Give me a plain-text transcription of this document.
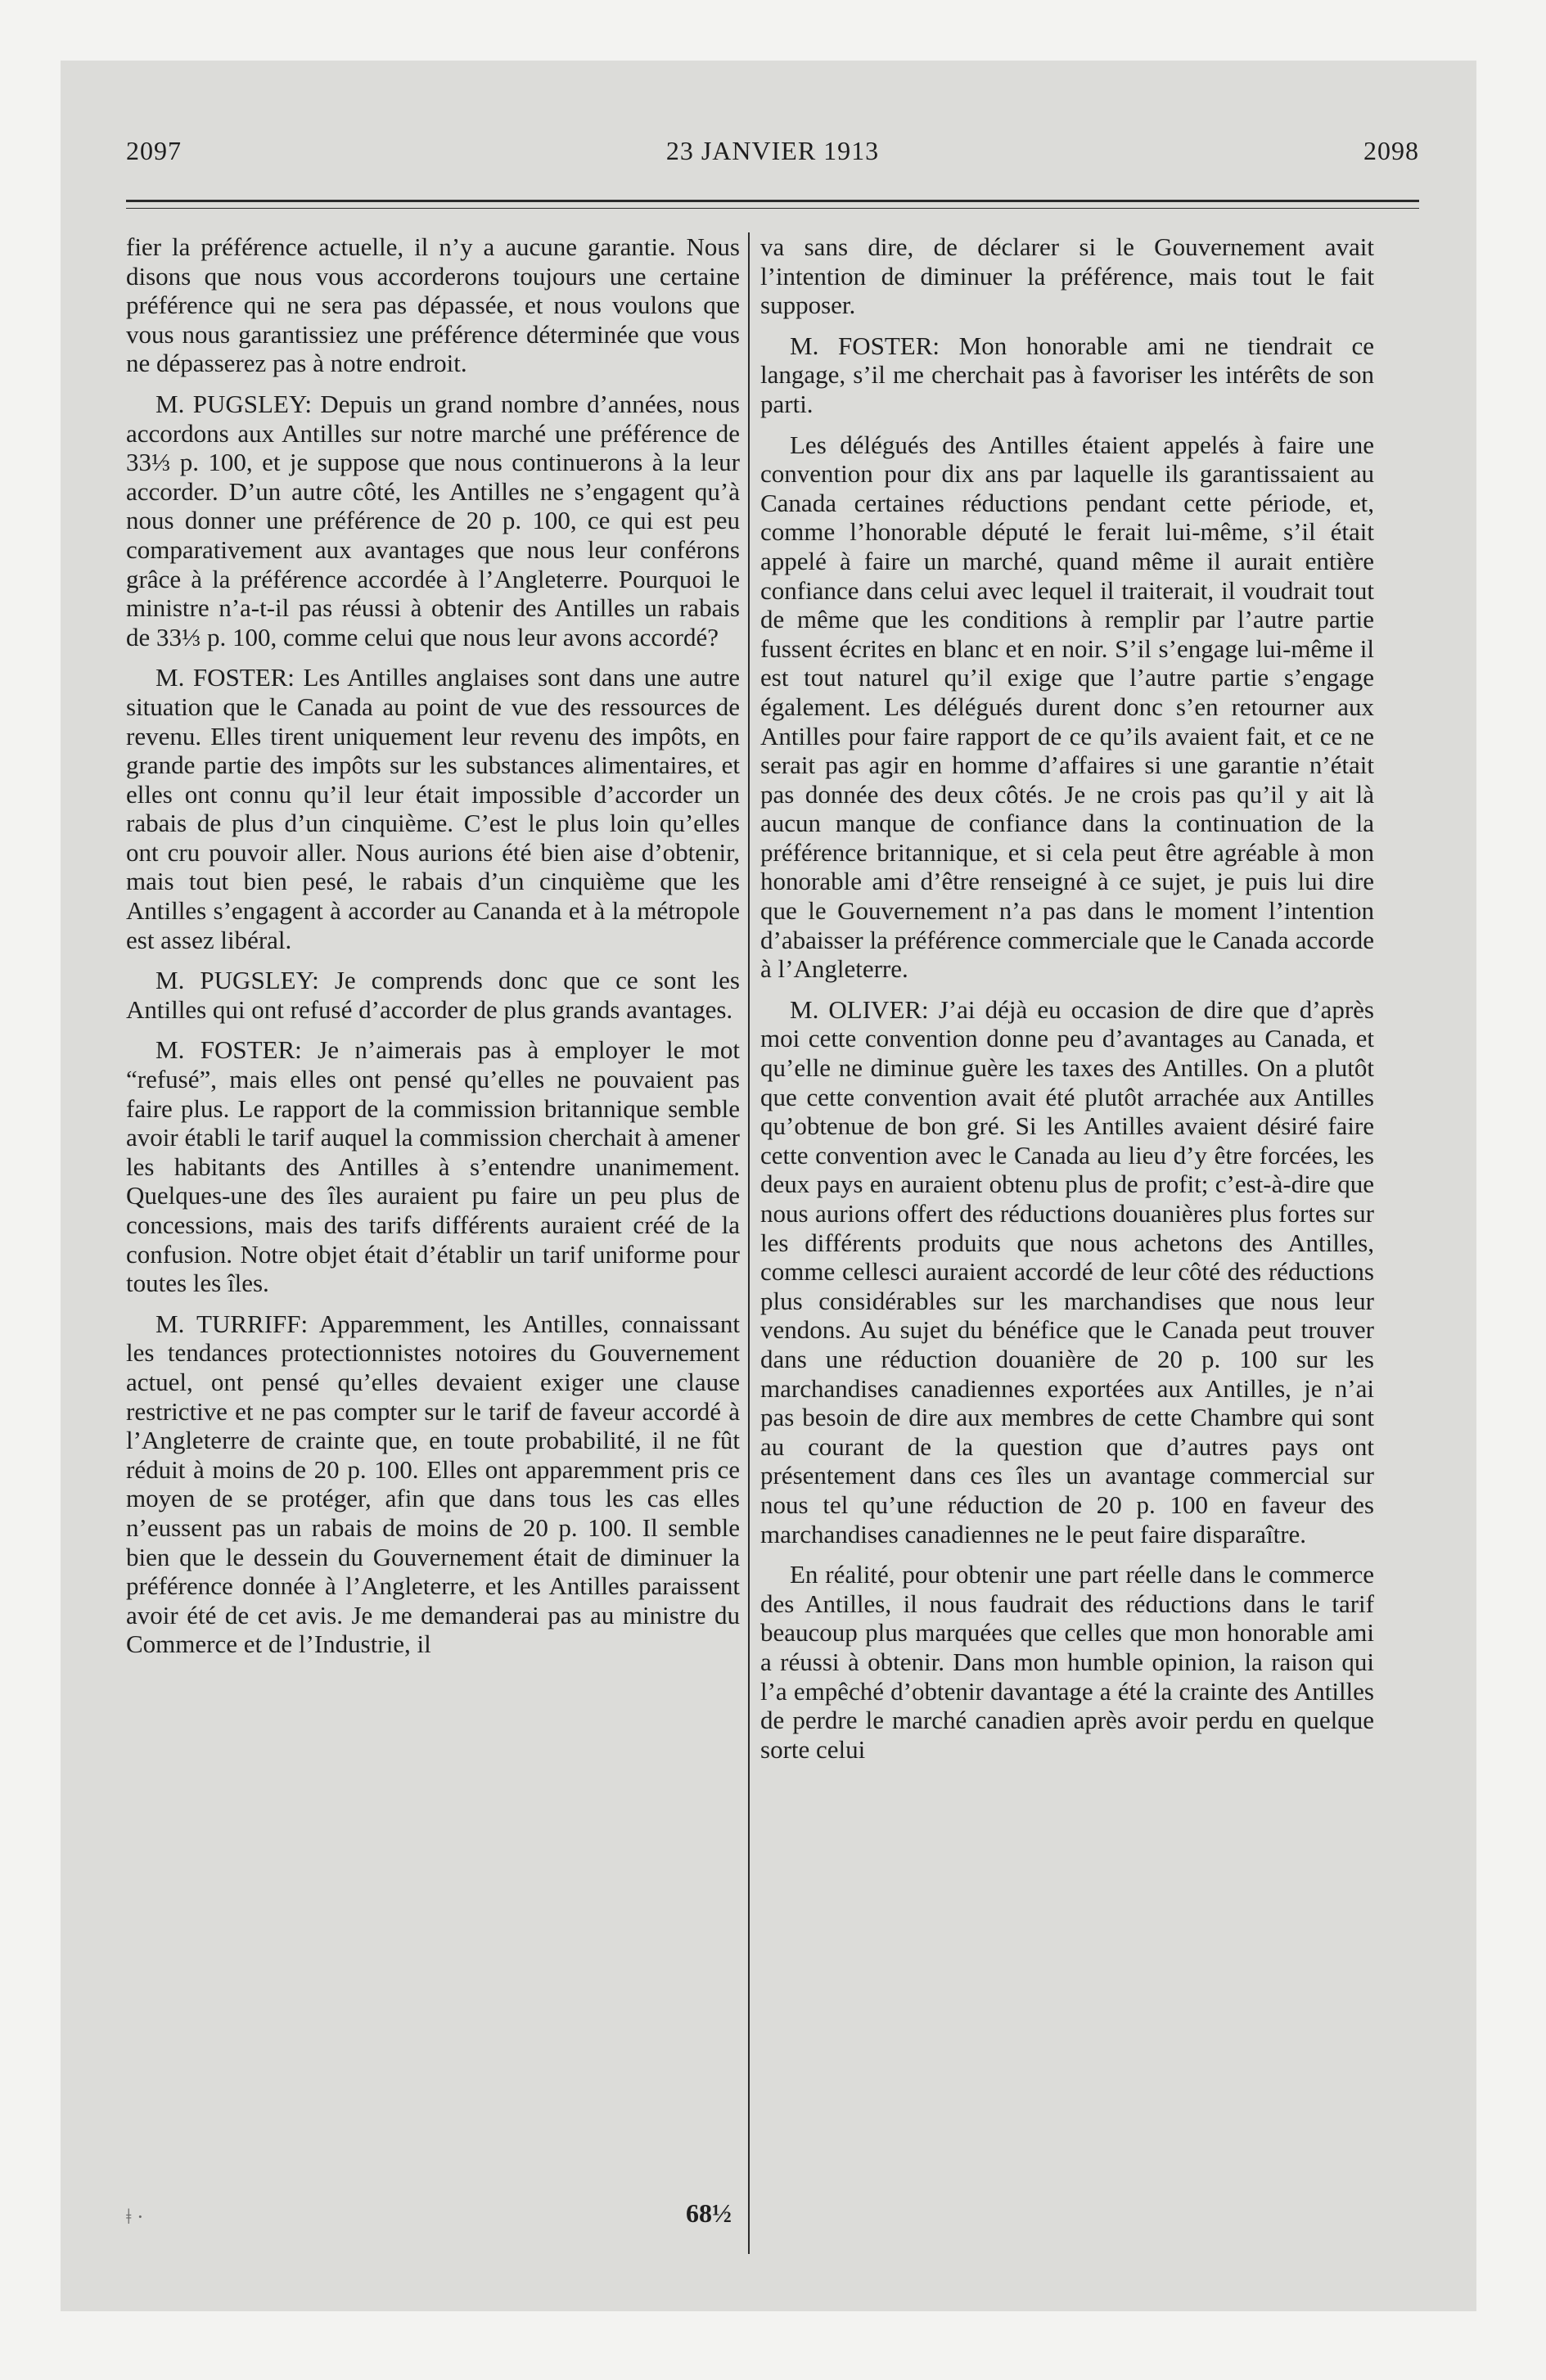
2097	23 JANVIER 1913	2098

fier la préférence actuelle, il n’y a aucune garantie. Nous disons que nous vous accorderons toujours une certaine préférence qui ne sera pas dépassée, et nous voulons que vous nous garantissiez une préférence déterminée que vous ne dépasserez pas à notre endroit.

M. PUGSLEY: Depuis un grand nombre d’années, nous accordons aux Antilles sur notre marché une préférence de 33⅓ p. 100, et je suppose que nous continuerons à la leur accorder. D’un autre côté, les Antilles ne s’engagent qu’à nous donner une préférence de 20 p. 100, ce qui est peu comparativement aux avantages que nous leur conférons grâce à la préférence accordée à l’Angleterre. Pourquoi le ministre n’a-t-il pas réussi à obtenir des Antilles un rabais de 33⅓ p. 100, comme celui que nous leur avons accordé?

M. FOSTER: Les Antilles anglaises sont dans une autre situation que le Canada au point de vue des ressources de revenu. Elles tirent uniquement leur revenu des impôts, en grande partie des impôts sur les substances alimentaires, et elles ont connu qu’il leur était impossible d’accorder un rabais de plus d’un cinquième. C’est le plus loin qu’elles ont cru pouvoir aller. Nous aurions été bien aise d’obtenir, mais tout bien pesé, le rabais d’un cinquième que les Antilles s’engagent à accorder au Cananda et à la métropole est assez libéral.

M. PUGSLEY: Je comprends donc que ce sont les Antilles qui ont refusé d’accorder de plus grands avantages.

M. FOSTER: Je n’aimerais pas à employer le mot “refusé”, mais elles ont pensé qu’elles ne pouvaient pas faire plus. Le rapport de la commission britannique semble avoir établi le tarif auquel la commission cherchait à amener les habitants des Antilles à s’entendre unanimement. Quelques-une des îles auraient pu faire un peu plus de concessions, mais des tarifs différents auraient créé de la confusion. Notre objet était d’établir un tarif uniforme pour toutes les îles.

M. TURRIFF: Apparemment, les Antilles, connaissant les tendances protectionnistes notoires du Gouvernement actuel, ont pensé qu’elles devaient exiger une clause restrictive et ne pas compter sur le tarif de faveur accordé à l’Angleterre de crainte que, en toute probabilité, il ne fût réduit à moins de 20 p. 100. Elles ont apparemment pris ce moyen de se protéger, afin que dans tous les cas elles n’eussent pas un rabais de moins de 20 p. 100. Il semble bien que le dessein du Gouvernement était de diminuer la préférence donnée à l’Angleterre, et les Antilles paraissent avoir été de cet avis. Je me demanderai pas au ministre du Commerce et de l’Industrie, il

va sans dire, de déclarer si le Gouvernement avait l’intention de diminuer la préférence, mais tout le fait supposer.

M. FOSTER: Mon honorable ami ne tiendrait ce langage, s’il me cherchait pas à favoriser les intérêts de son parti.

Les délégués des Antilles étaient appelés à faire une convention pour dix ans par laquelle ils garantissaient au Canada certaines réductions pendant cette période, et, comme l’honorable député le ferait lui-même, s’il était appelé à faire un marché, quand même il aurait entière confiance dans celui avec lequel il traiterait, il voudrait tout de même que les conditions à remplir par l’autre partie fussent écrites en blanc et en noir. S’il s’engage lui-même il est tout naturel qu’il exige que l’autre partie s’engage également. Les délégués durent donc s’en retourner aux Antilles pour faire rapport de ce qu’ils avaient fait, et ce ne serait pas agir en homme d’affaires si une garantie n’était pas donnée des deux côtés. Je ne crois pas qu’il y ait là aucun manque de confiance dans la continuation de la préférence britannique, et si cela peut être agréable à mon honorable ami d’être renseigné à ce sujet, je puis lui dire que le Gouvernement n’a pas dans le moment l’intention d’abaisser la préférence commerciale que le Canada accorde à l’Angleterre.

M. OLIVER: J’ai déjà eu occasion de dire que d’après moi cette convention donne peu d’avantages au Canada, et qu’elle ne diminue guère les taxes des Antilles. On a plutôt que cette convention avait été plutôt arrachée aux Antilles qu’obtenue de bon gré. Si les Antilles avaient désiré faire cette convention avec le Canada au lieu d’y être forcées, les deux pays en auraient obtenu plus de profit; c’est-à-dire que nous aurions offert des réductions douanières plus fortes sur les différents produits que nous achetons des Antilles, comme cellesci auraient accordé de leur côté des réductions plus considérables sur les marchandises que nous leur vendons. Au sujet du bénéfice que le Canada peut trouver dans une réduction douanière de 20 p. 100 sur les marchandises canadiennes exportées aux Antilles, je n’ai pas besoin de dire aux membres de cette Chambre qui sont au courant de la question que d’autres pays ont présentement dans ces îles un avantage commercial sur nous tel qu’une réduction de 20 p. 100 en faveur des marchandises canadiennes ne le peut faire disparaître.

En réalité, pour obtenir une part réelle dans le commerce des Antilles, il nous faudrait des réductions dans le tarif beaucoup plus marquées que celles que mon honorable ami a réussi à obtenir. Dans mon humble opinion, la raison qui l’a empêché d’obtenir davantage a été la crainte des Antilles de perdre le marché canadien après avoir perdu en quelque sorte celui

ǂ ·	68½
